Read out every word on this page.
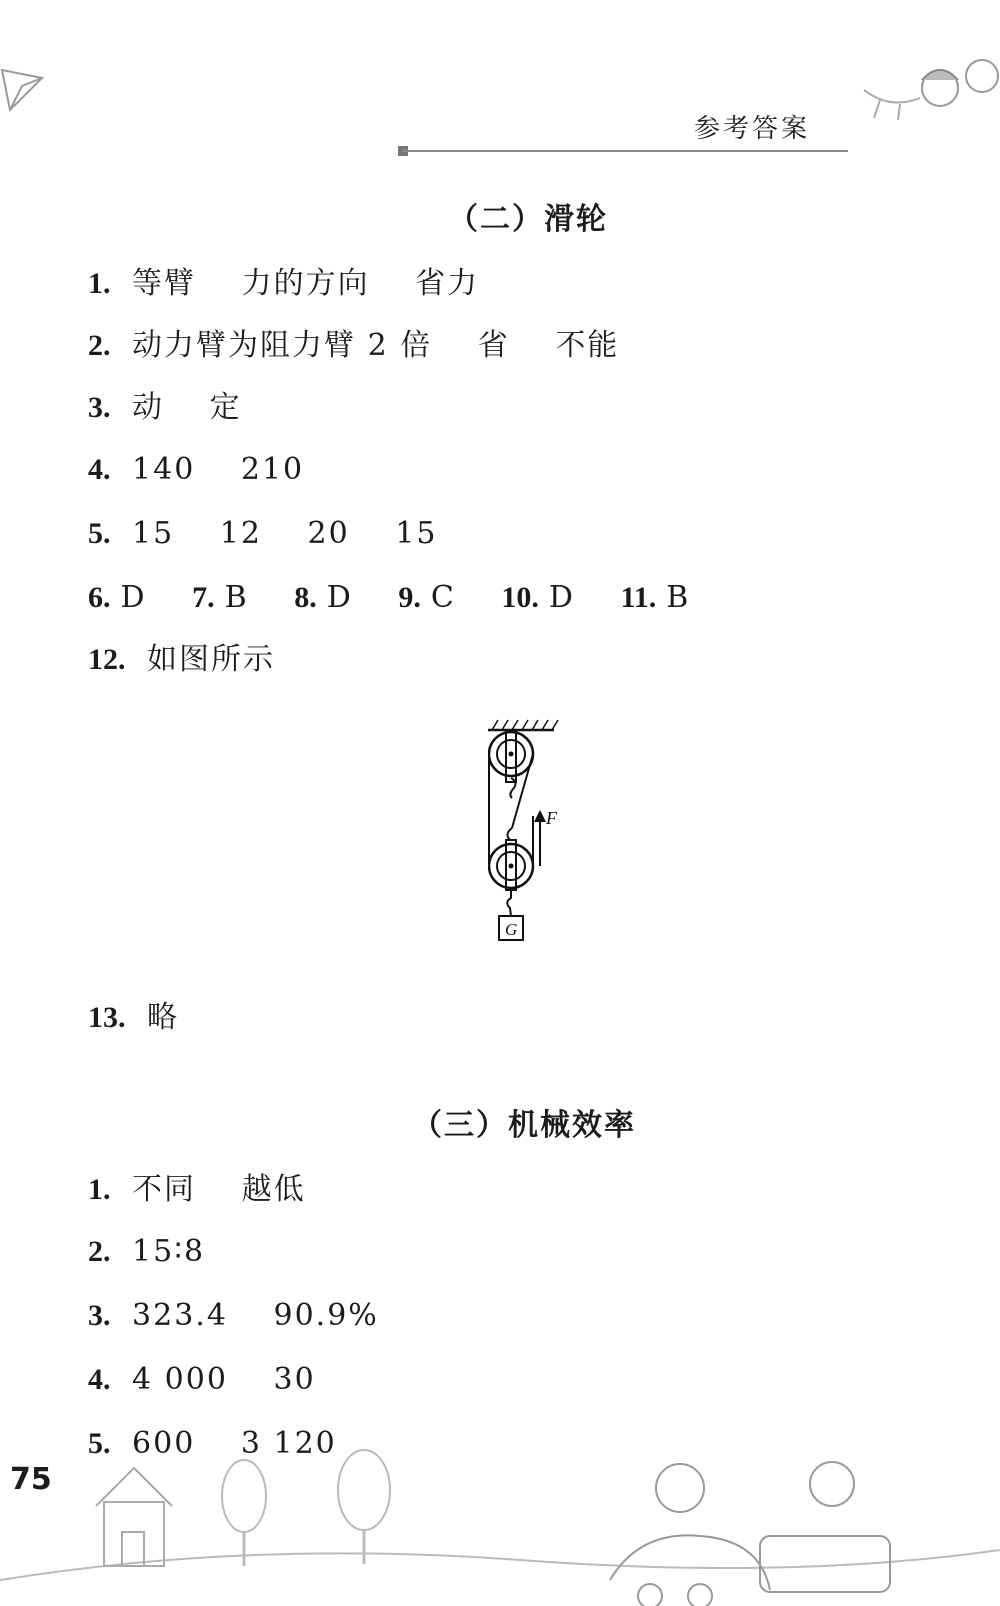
参考答案
（二）滑轮
1. 等臂 力的方向 省力
2. 动力臂为阻力臂 2 倍 省 不能
3. 动 定
4. 140 210
5. 15 12 20 15
6. D 7. B 8. D 9. C 10. D 11. B
12. 如图所示
F
G
13. 略
（三）机械效率
1. 不同 越低
2. 15∶8
3. 323.4 90.9%
4. 4 000 30
5. 600 3 120
75
